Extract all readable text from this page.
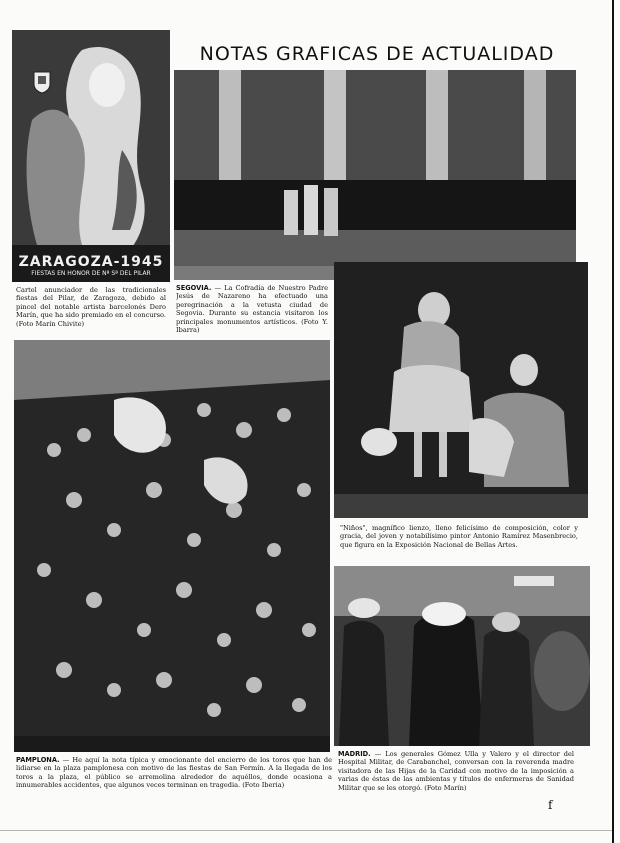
ZARAGOZA-1945
FIESTAS EN HONOR DE Nª Sª DEL PILAR
NOTAS GRAFICAS DE ACTUALIDAD
Cartel anunciador de las tradicionales fiestas del Pilar, de Zaragoza, debido al pincel del notable artista barcelonés Dero Marín, que ha sido premiado en el concurso. (Foto Marín Chivite)
SEGOVIA. — La Cofradía de Nuestro Padre Jesús de Nazareno ha efectuado una peregrinación a la vetusta ciudad de Segovia. Durante su estancia visitaron los principales monumentos artísticos. (Foto Y. Ibarra)
"Niños", magnífico lienzo, lleno felicísimo de composición, color y gracia, del joven y notabilísimo pintor Antonio Ramírez Masenbrecio, que figura en la Exposición Nacional de Bellas Artes.
PAMPLONA. — He aquí la nota típica y emocionante del encierro de los toros que han de lidiarse en la plaza pamplonesa con motivo de las fiestas de San Fermín. A la llegada de los toros a la plaza, el público se arremolina alrededor de aquéllos, donde ocasiona a innumerables accidentes, que algunos veces terminan en tragedia. (Foto Iberia)
MADRID. — Los generales Gómez Ulla y Valero y el director del Hospital Militar, de Carabanchel, conversan con la reverenda madre visitadora de las Hijas de la Caridad con motivo de la imposición a varias de éstas de las ambientas y títulos de enfermeras de Sanidad Militar que se les otorgó. (Foto Marín)
f
